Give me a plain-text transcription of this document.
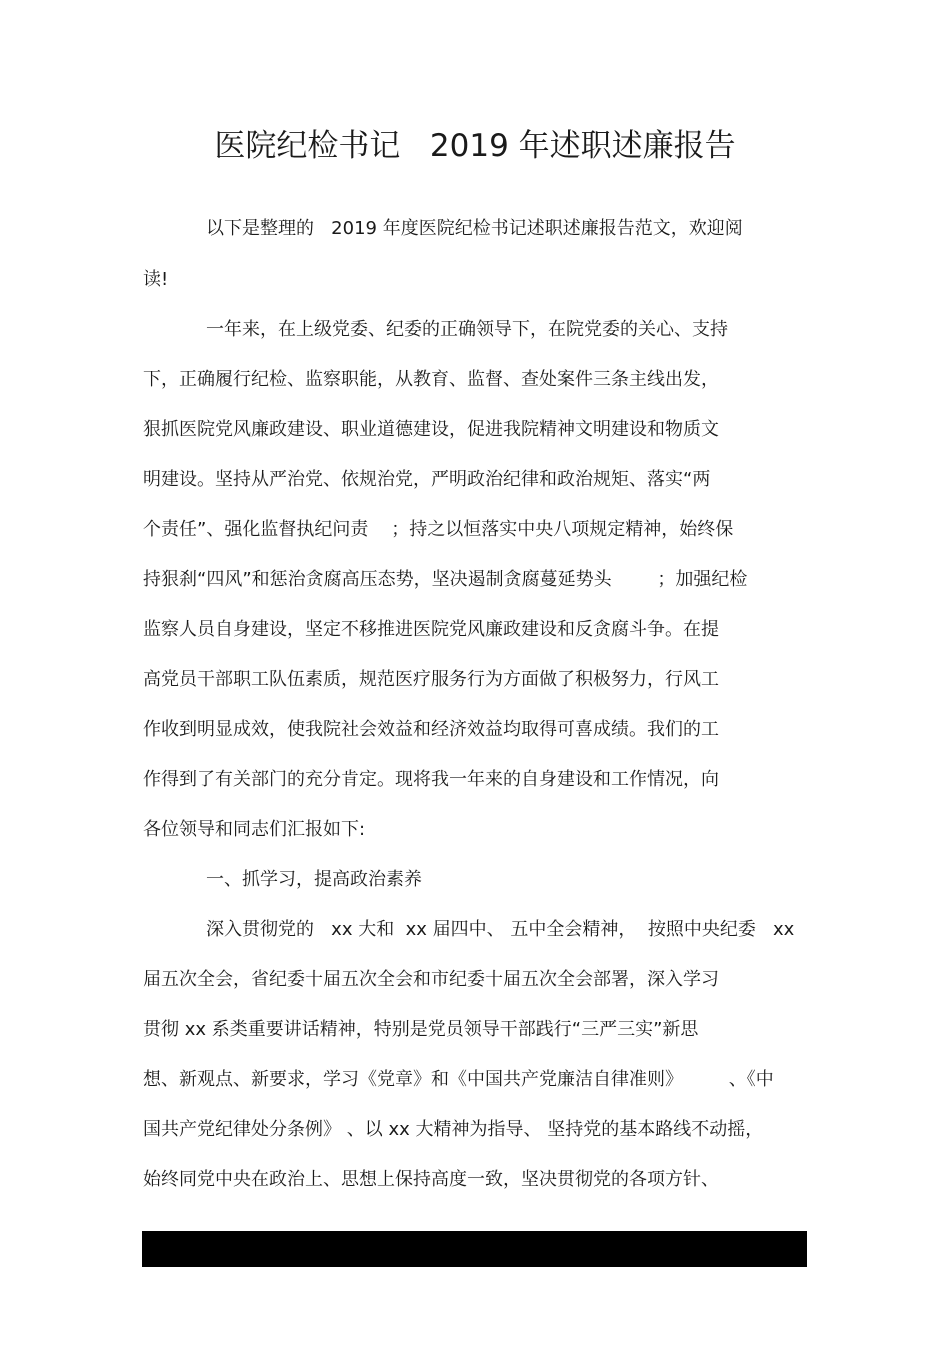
医院纪检书记   2019 年述职述廉报告

以下是整理的   2019 年度医院纪检书记述职述廉报告范文，欢迎阅

读!

一年来，在上级党委、纪委的正确领导下，在院党委的关心、支持

下，正确履行纪检、监察职能，从教育、监督、查处案件三条主线出发，

狠抓医院党风廉政建设、职业道德建设，促进我院精神文明建设和物质文

明建设。坚持从严治党、依规治党，严明政治纪律和政治规矩、落实“两

个责任”、强化监督执纪问责    ；持之以恒落实中央八项规定精神，始终保

持狠刹“四风”和惩治贪腐高压态势，坚决遏制贪腐蔓延势头        ；加强纪检

监察人员自身建设，坚定不移推进医院党风廉政建设和反贪腐斗争。在提

高党员干部职工队伍素质，规范医疗服务行为方面做了积极努力，行风工

作收到明显成效，使我院社会效益和经济效益均取得可喜成绩。我们的工

作得到了有关部门的充分肯定。现将我一年来的自身建设和工作情况，向

各位领导和同志们汇报如下:

一、抓学习，提高政治素养

深入贯彻党的   xx 大和  xx 届四中、 五中全会精神，  按照中央纪委   xx

届五次全会，省纪委十届五次全会和市纪委十届五次全会部署，深入学习

贯彻 xx 系类重要讲话精神，特别是党员领导干部践行“三严三实”新思

想、新观点、新要求，学习《党章》和《中国共产党廉洁自律准则》        、《中

国共产党纪律处分条例》 、以 xx 大精神为指导、 坚持党的基本路线不动摇，

始终同党中央在政治上、思想上保持高度一致，坚决贯彻党的各项方针、
